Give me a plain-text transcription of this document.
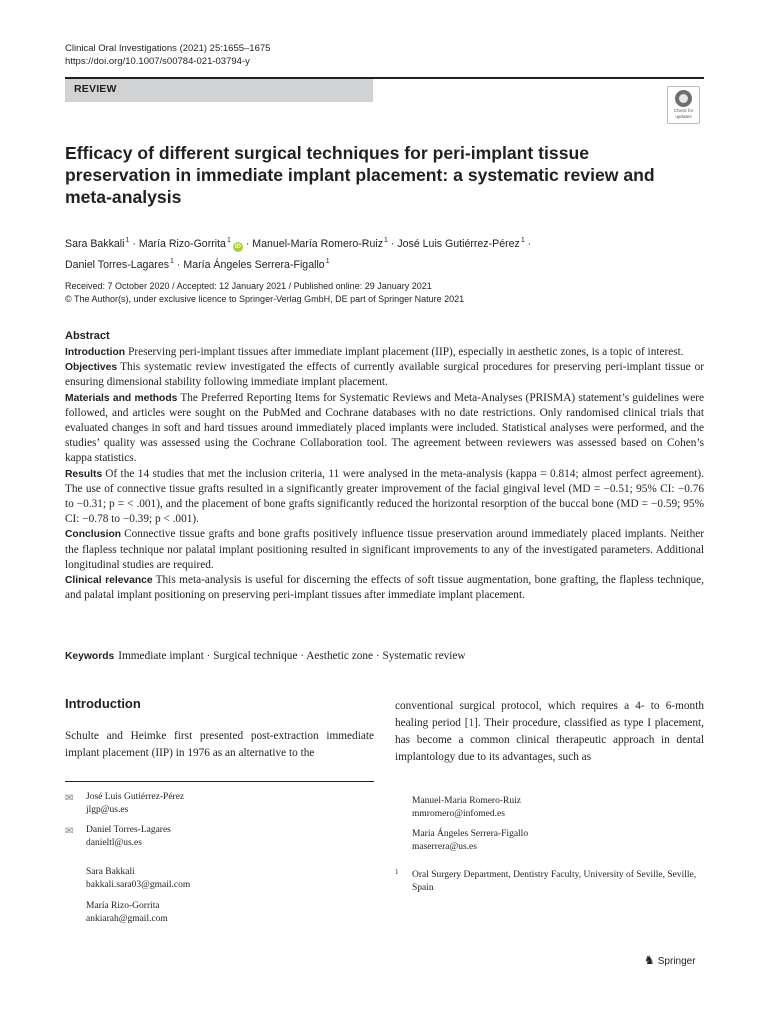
Clinical Oral Investigations (2021) 25:1655–1675
https://doi.org/10.1007/s00784-021-03794-y
REVIEW
Check for updates
Efficacy of different surgical techniques for peri-implant tissue preservation in immediate implant placement: a systematic review and meta-analysis
Sara Bakkali$^1$ · María Rizo-Gorrita$^1$iD · Manuel-María Romero-Ruiz$^1$ · José Luis Gutiérrez-Pérez$^1$ ·
Daniel Torres-Lagares$^1$ · María Ángeles Serrera-Figallo$^1$
Received: 7 October 2020 / Accepted: 12 January 2021 / Published online: 29 January 2021
© The Author(s), under exclusive licence to Springer-Verlag GmbH, DE part of Springer Nature 2021
Abstract

Introduction Preserving peri-implant tissues after immediate implant placement (IIP), especially in aesthetic zones, is a topic of interest.

Objectives This systematic review investigated the effects of currently available surgical procedures for preserving peri-implant tissue or ensuring dimensional stability following immediate implant placement.

Materials and methods The Preferred Reporting Items for Systematic Reviews and Meta-Analyses (PRISMA) statement’s guidelines were followed, and articles were sought on the PubMed and Cochrane databases with no date restrictions. Only randomised clinical trials that evaluated changes in soft and hard tissues around immediately placed implants were included. Statistical analyses were performed, and the studies’ quality was assessed using the Cochrane Collaboration tool. The agreement between reviewers was assessed based on Cohen’s kappa statistics.

Results Of the 14 studies that met the inclusion criteria, 11 were analysed in the meta-analysis (kappa = 0.814; almost perfect agreement). The use of connective tissue grafts resulted in a significantly greater improvement of the facial gingival level (MD = −0.51; 95% CI: −0.76 to −0.31; p = < .001), and the placement of bone grafts significantly reduced the horizontal resorption of the buccal bone (MD = −0.59; 95% CI: −0.78 to −0.39; p < .001).

Conclusion Connective tissue grafts and bone grafts positively influence tissue preservation around immediately placed implants. Neither the flapless technique nor palatal implant positioning resulted in significant improvements to any of the investigated parameters. Additional longitudinal studies are required.

Clinical relevance This meta-analysis is useful for discerning the effects of soft tissue augmentation, bone grafting, the flapless technique, and palatal implant positioning on preserving peri-implant tissues after immediate implant placement.

Keywords Immediate implant · Surgical technique · Aesthetic zone · Systematic review
Introduction
Schulte and Heimke first presented post-extraction immediate implant placement (IIP) in 1976 as an alternative to the
conventional surgical protocol, which requires a 4- to 6-month healing period [1]. Their procedure, classified as type I placement, has become a common clinical therapeutic approach in dental implantology due to its advantages, such as
✉ José Luis Gutiérrez-Pérez
jlgp@us.es
✉ Daniel Torres-Lagares
danieltl@us.es
Sara Bakkali
bakkali.sara03@gmail.com
María Rizo-Gorrita
ankiarah@gmail.com
Manuel-María Romero-Ruiz
mmromero@infomed.es
María Ángeles Serrera-Figallo
maserrera@us.es
1 Oral Surgery Department, Dentistry Faculty, University of Seville, Seville, Spain
♞ Springer
